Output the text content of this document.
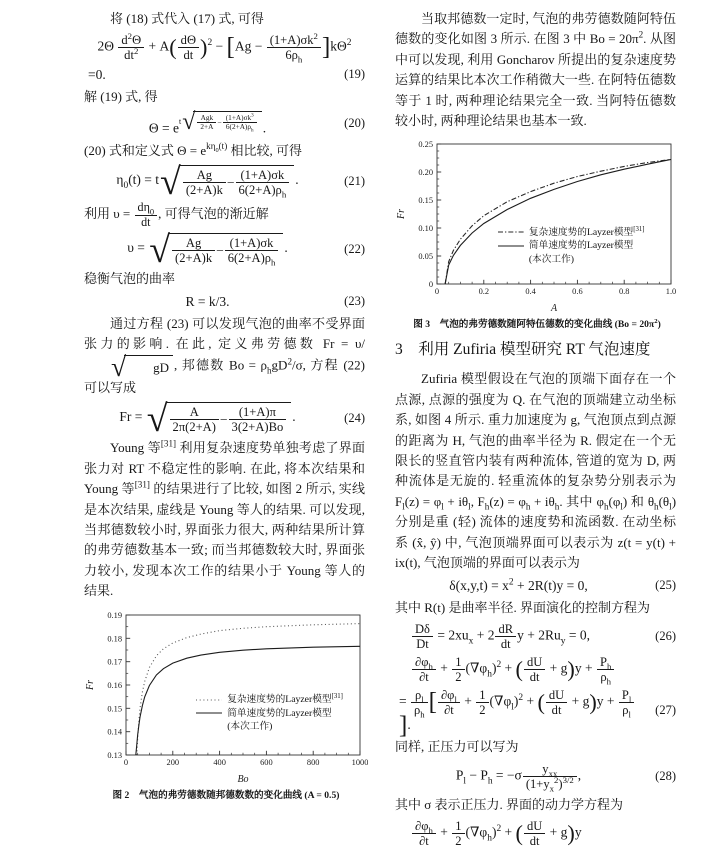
将 (18) 式代入 (17) 式, 可得

$2\Theta \frac{d^2\Theta}{dt^2} + A( \frac{d\Theta}{dt} )^2 - [Ag - \frac{(1+A)\sigma k^2}{6\rho_h} ]k\Theta^2$
=0.	(19)

解 (19) 式, 得

Θ = et √ Agk
2+A −
$(1+A)\sigma k^3$
$6(2+A)\rho_h$ .	(20)

(20) 式和定义式 $\Theta = e^{k\eta_0(t)}$ 相比较, 可得

$\eta_0(t) = t$ √	Ag
(2+A)k
− (1+A)σk
$6(2+A)\rho_h$
.	(21)

利用 $\upsilon = \frac{d\eta_0}{dt}$ , 可得气泡的渐近解

υ = √	Ag
(2+A)k
− (1+A)σk
$6(2+A)\rho_h$
.	(22)

稳衡气泡的曲率

R = k/3.	(23)

通过方程 (23) 可以发现气泡的曲率不受界面张力的影响. 在此, 定义弗劳德数 Fr = υ/
√	gD , 邦德数 $Bo = \rho_hgD^2/\sigma$, 方程 (22) 可以写成

Fr = √	A
2π(2+A)
− (1+A)π
3(2+A)Bo
.	(24)

Young 等[31] 利用复杂速度势单独考虑了界面张力对 RT 不稳定性的影响. 在此, 将本次结果和 Young 等[31] 的结果进行了比较, 如图 2 所示, 实线是本次结果, 虚线是 Young 等人的结果. 可以发现, 当邦德数较小时, 界面张力很大, 两种结果所计算的弗劳德数基本一致; 而当邦德数较大时, 界面张力较小, 发现本次工作的结果小于 Young 等人的结果.

0	200	400	600	800	1000
0.13
0.14
0.15
0.16
0.17
0.18
0.19
Bo
Fr
复杂速度势的Layzer模型[31]
简单速度势的Layzer模型
(本次工作)
图 2　气泡的弗劳德数随邦德数数的变化曲线 (A = 0.5)

当取邦德数一定时, 气泡的弗劳德数随阿特伍德数的变化如图 3 所示. 在图 3 中 $Bo = 20\pi^2$. 从图中可以发现, 利用 Goncharov 所提出的复杂速度势运算的结果比本次工作稍微大一些. 在阿特伍德数等于 1 时, 两种理论结果完全一致. 当阿特伍德数较小时, 两种理论结果也基本一致.

0	0.2	0.4	0.6	0.8	1.0
0
0.05
0.10
0.15
0.20
0.25
A
Fr
复杂速度势的Layzer模型[31]
简单速度势的Layzer模型
(本次工作)
图 3　气泡的弗劳德数随阿特伍德数的变化曲线 $(Bo = 20\pi^2)$
3　利用 Zufiria 模型研究 RT 气泡速度

Zufiria 模型假设在气泡的顶端下面存在一个点源, 点源的强度为 Q. 在气泡的顶端建立动坐标系, 如图 4 所示. 重力加速度为 g, 气泡顶点到点源的距离为 H, 气泡的曲率半径为 R. 假定在一个无限长的竖直管内装有两种流体, 管道的宽为 D, 两种流体是无旋的. 轻重流体的复杂势分别表示为 $F_l(z) = \varphi_l + i\theta_l$, $F_h(z) = \varphi_h + i\theta_h$. 其中 $\varphi_h(\varphi_l)$ 和 $\theta_h(\theta_l)$ 分别是重 (轻) 流体的速度势和流函数. 在动坐标系 (x̂, ŷ) 中, 气泡顶端界面可以表示为 z(t = y(t) + ix(t), 气泡顶端的界面可以表示为

$\delta(x,y,t) = x^2 + 2R(t)y = 0$,	(25)

其中 R(t) 是曲率半径. 界面演化的控制方程为

$\frac{D\delta}{Dt} = 2xu_x + 2 \frac{dR}{dt}$ $y + 2Ru_y = 0$,	(26)
$\frac{\partial\varphi_h}{\partial t} + \frac{1}{2} (\nabla\varphi_h)^2$ + ( $\frac{dU}{dt} + g)y + \frac{P_h}{\rho_h}$
= $\frac{\rho_l}{\rho_h}$ [ $\frac{\partial\varphi_l}{\partial t} + \frac{1}{2} (\nabla\varphi_l)^2$ + ( $\frac{dU}{dt} + g)y + \frac{P_l}{\rho_l}$
].
(27)

同样, 正压力可以写为

$P_l - P_h = -\sigma$	$y_{xx}$
$(1+y_x^2)^{3/2}$ ,	(28)

其中 σ 表示正压力. 界面的动力学方程为

$\frac{\partial\varphi_h}{\partial t} + \frac{1}{2} (\nabla\varphi_h)^2$ + ( $\frac{dU}{dt} + g)y$
